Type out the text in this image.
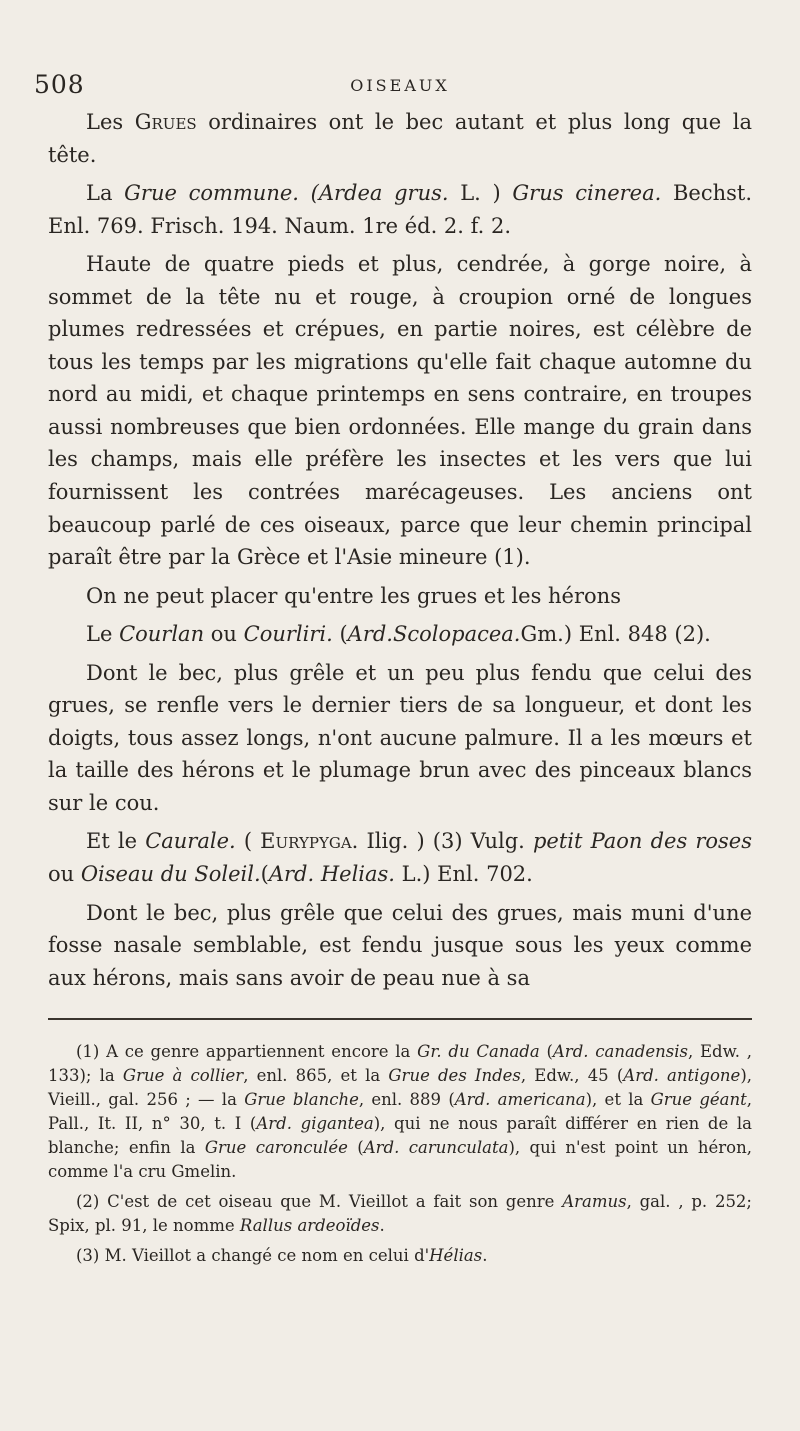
508	OISEAUX

Les Grues ordinaires ont le bec autant et plus long que la tête.

La Grue commune. (Ardea grus. L. ) Grus cinerea. Bechst. Enl. 769. Frisch. 194. Naum. 1re éd. 2. f. 2.

Haute de quatre pieds et plus, cendrée, à gorge noire, à sommet de la tête nu et rouge, à croupion orné de longues plumes redressées et crépues, en partie noires, est célèbre de tous les temps par les migrations qu'elle fait chaque automne du nord au midi, et chaque printemps en sens contraire, en troupes aussi nombreuses que bien ordonnées. Elle mange du grain dans les champs, mais elle préfère les insectes et les vers que lui fournissent les contrées marécageuses. Les anciens ont beaucoup parlé de ces oiseaux, parce que leur chemin principal paraît être par la Grèce et l'Asie mineure (1).

On ne peut placer qu'entre les grues et les hérons

Le Courlan ou Courliri. (Ard.Scolopacea.Gm.) Enl. 848 (2).

Dont le bec, plus grêle et un peu plus fendu que celui des grues, se renfle vers le dernier tiers de sa longueur, et dont les doigts, tous assez longs, n'ont aucune palmure. Il a les mœurs et la taille des hérons et le plumage brun avec des pinceaux blancs sur le cou.

Et le Caurale. ( Eurypyga. Ilig. ) (3) Vulg. petit Paon des roses ou Oiseau du Soleil.(Ard. Helias. L.) Enl. 702.

Dont le bec, plus grêle que celui des grues, mais muni d'une fosse nasale semblable, est fendu jusque sous les yeux comme aux hérons, mais sans avoir de peau nue à sa

(1) A ce genre appartiennent encore la Gr. du Canada (Ard. canadensis, Edw. , 133); la Grue à collier, enl. 865, et la Grue des Indes, Edw., 45 (Ard. antigone), Vieill., gal. 256 ; — la Grue blanche, enl. 889 (Ard. americana), et la Grue géant, Pall., It. II, n° 30, t. I (Ard. gigantea), qui ne nous paraît différer en rien de la blanche; enfin la Grue caronculée (Ard. carunculata), qui n'est point un héron, comme l'a cru Gmelin.

(2) C'est de cet oiseau que M. Vieillot a fait son genre Aramus, gal. , p. 252; Spix, pl. 91, le nomme Rallus ardeoïdes.

(3) M. Vieillot a changé ce nom en celui d'Hélias.
